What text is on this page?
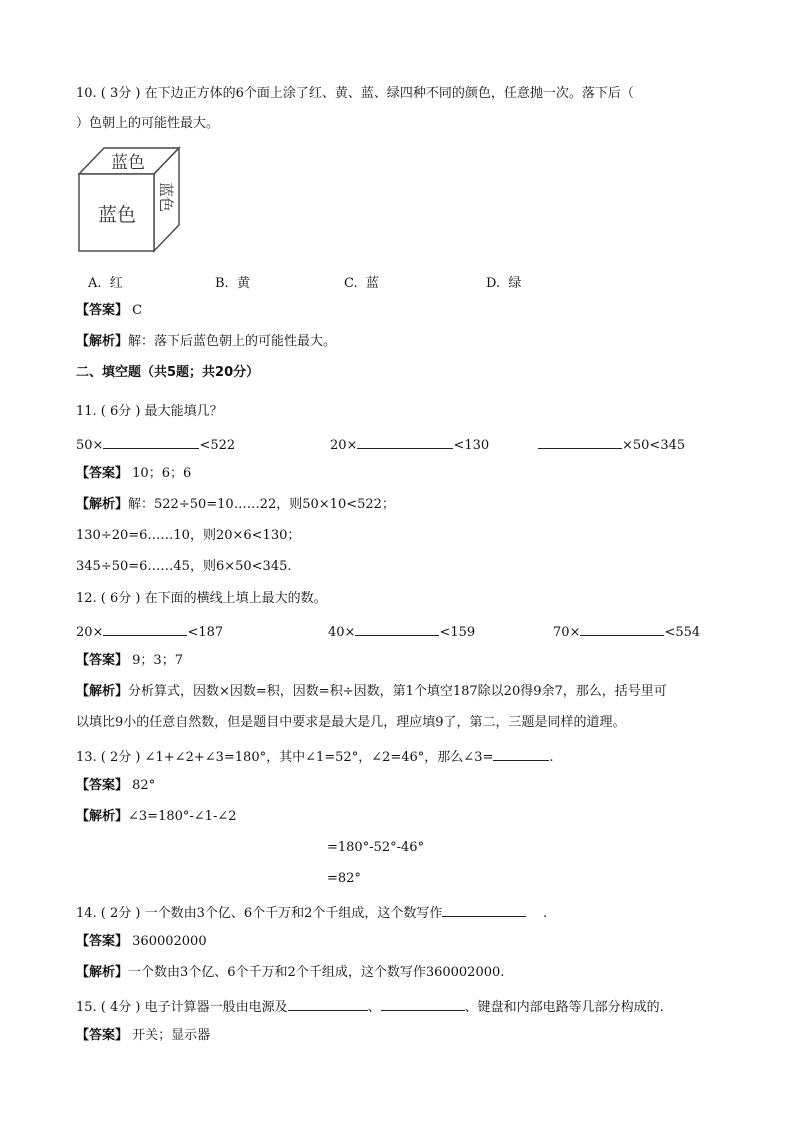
10. ( 3分 ) 在下边正方体的6个面上涂了红、黄、蓝、绿四种不同的颜色，任意抛一次。落下后（
）色朝上的可能性最大。
蓝色
蓝色
蓝色
A. 红	B. 黄	C. 蓝	D. 绿
【答案】 C
【解析】解：落下后蓝色朝上的可能性最大。
二、填空题（共5题；共20分）
11. ( 6分 ) 最大能填几？
50×	<522	20×	<130	×50<345
【答案】 10；6；6
【解析】解：522÷50=10……22，则50×10<522；
130÷20=6……10，则20×6<130；
345÷50=6……45，则6×50<345.
12. ( 6分 ) 在下面的横线上填上最大的数。
20×	<187	40×	<159	70×	<554
【答案】 9；3；7
【解析】分析算式，因数×因数=积，因数=积÷因数，第1个填空187除以20得9余7，那么，括号里可
以填比9小的任意自然数，但是题目中要求是最大是几，理应填9了，第二，三题是同样的道理。
13. ( 2分 ) ∠1+∠2+∠3=180°，其中∠1=52°，∠2=46°，那么∠3=	.
【答案】 82°
【解析】∠3=180°-∠1-∠2
=180°-52°-46°
=82°
14. ( 2分 ) 一个数由3个亿、6个千万和2个千组成，这个数写作	.
【答案】 360002000
【解析】一个数由3个亿、6个千万和2个千组成，这个数写作360002000.
15. ( 4分 ) 电子计算器一般由电源及	、	、键盘和内部电路等几部分构成的.
【答案】 开关；显示器
